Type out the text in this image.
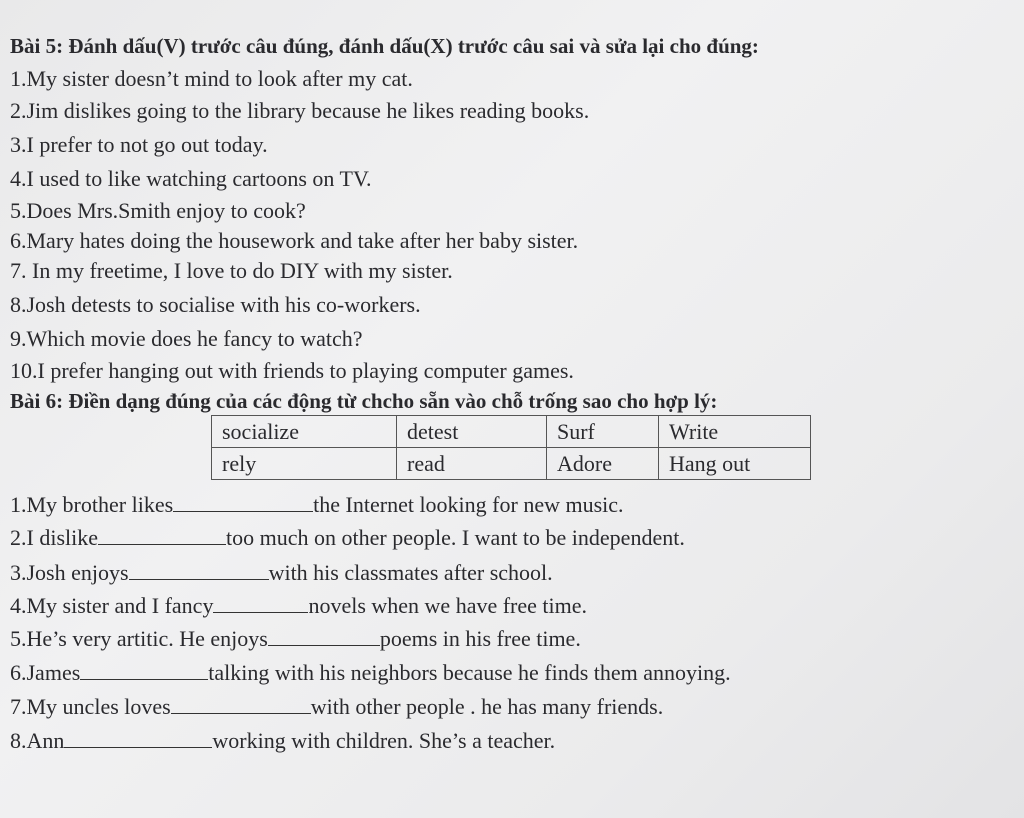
Bài 5: Đánh dấu(V) trước câu đúng, đánh dấu(X) trước câu sai và sửa lại cho đúng:
1.My sister doesn’t mind to look after my cat.
2.Jim dislikes going to the library because he likes reading books.
3.I prefer to not go out today.
4.I used to like watching cartoons on TV.
5.Does Mrs.Smith enjoy to cook?
6.Mary hates doing the housework and take after her baby sister.
7. In my freetime, I love to do DIY with my sister.
8.Josh detests to socialise with his co-workers.
9.Which movie does he fancy to watch?
10.I prefer hanging out with friends to playing computer games.
Bài 6: Điền dạng đúng của các động từ chcho sẵn vào chỗ trống sao cho hợp lý:
socialize	detest	Surf	Write
rely	read	Adore	Hang out
1.My brother likes	the Internet looking for new music.
2.I dislike	too much on other people. I want to be independent.
3.Josh enjoys	with his classmates after school.
4.My sister and I fancy	novels when we have free time.
5.He’s very artitic. He enjoys	poems in his free time.
6.James	talking with his neighbors because he finds them annoying.
7.My uncles loves	with other people . he has many friends.
8.Ann	working with children. She’s a teacher.
